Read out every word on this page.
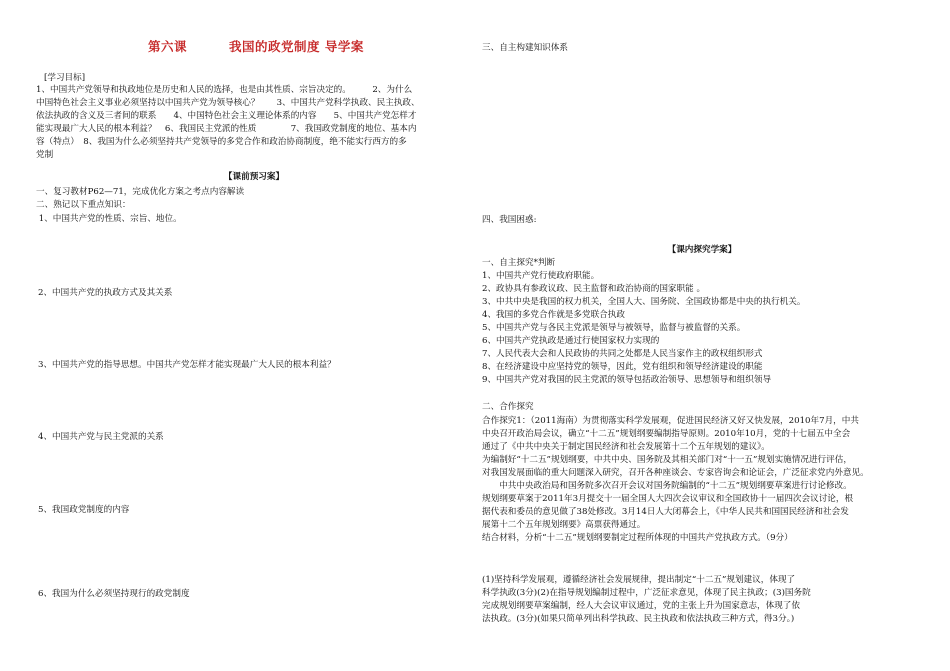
第六课	我国的政党制度 导学案
[学习目标]
1、中国共产党领导和执政地位是历史和人民的选择，也是由其性质、宗旨决定的。　　　2、为什么
中国特色社会主义事业必须坚持以中国共产党为领导核心？　　3、中国共产党科学执政、民主执政、
依法执政的含义及三者间的联系　　4、中国特色社会主义理论体系的内容　　5、中国共产党怎样才
能实现最广大人民的根本利益？　6、我国民主党派的性质　　　　7、我国政党制度的地位、基本内
容（特点）　8、我国为什么必须坚持共产党领导的多党合作和政治协商制度，绝不能实行西方的多
党制
【课前预习案】
一、复习教材P62—71，完成优化方案之考点内容解读
二、熟记以下重点知识：
1、中国共产党的性质、宗旨、地位。
2、中国共产党的执政方式及其关系
3、中国共产党的指导思想。中国共产党怎样才能实现最广大人民的根本利益？
4、中国共产党与民主党派的关系
5、我国政党制度的内容
6、我国为什么必须坚持现行的政党制度
三、自主构建知识体系
四、我国困惑:
【课内探究学案】
一、自主探究*判断
1、中国共产党行使政府职能。
2、政协具有参政议政、民主监督和政治协商的国家职能 。
3、中共中央是我国的权力机关，全国人大、国务院、全国政协都是中央的执行机关。
4、我国的多党合作就是多党联合执政
5、中国共产党与各民主党派是领导与被领导，监督与被监督的关系。
6、中国共产党执政是通过行使国家权力实现的
7、人民代表大会和人民政协的共同之处都是人民当家作主的政权组织形式
8、在经济建设中应坚持党的领导，因此，党有组织和领导经济建设的职能
9、中国共产党对我国的民主党派的领导包括政治领导、思想领导和组织领导
二、合作探究
合作探究1：（2011海南）为贯彻落实科学发展观，促进国民经济又好又快发展，2010年7月，中共
中央召开政治局会议，确立“十二五”规划纲要编制指导原则。2010年10月，党的十七届五中全会
通过了《中共中央关于制定国民经济和社会发展第十二个五年规划的建议》。
为编制好“十二五”规划纲要，中共中央、国务院及其相关部门对“十一五”规划实施情况进行评估，
对我国发展面临的重大问题深入研究，召开各种座谈会、专家咨询会和论证会，广泛征求党内外意见。
　　中共中央政治局和国务院多次召开会议对国务院编制的“十二五”规划纲要草案进行讨论修改。
规划纲要草案于2011年3月提交十一届全国人大四次会议审议和全国政协十一届四次会议讨论，根
据代表和委员的意见做了38处修改。3月14日人大闭幕会上，《中华人民共和国国民经济和社会发
展第十二个五年规划纲要》高票获得通过。
结合材料，分析“十二五”规划纲要制定过程所体现的中国共产党执政方式。（9分）
(1)坚持科学发展观，遵循经济社会发展规律，提出制定“十二五”规划建议，体现了
科学执政(3分)(2)在指导规划编制过程中，广泛征求意见，体现了民主执政；(3)国务院
完成规划纲要草案编制，经人大会议审议通过，党的主张上升为国家意志，体现了依
法执政。(3分)(如果只简单列出科学执政、民主执政和依法执政三种方式，得3分。)
